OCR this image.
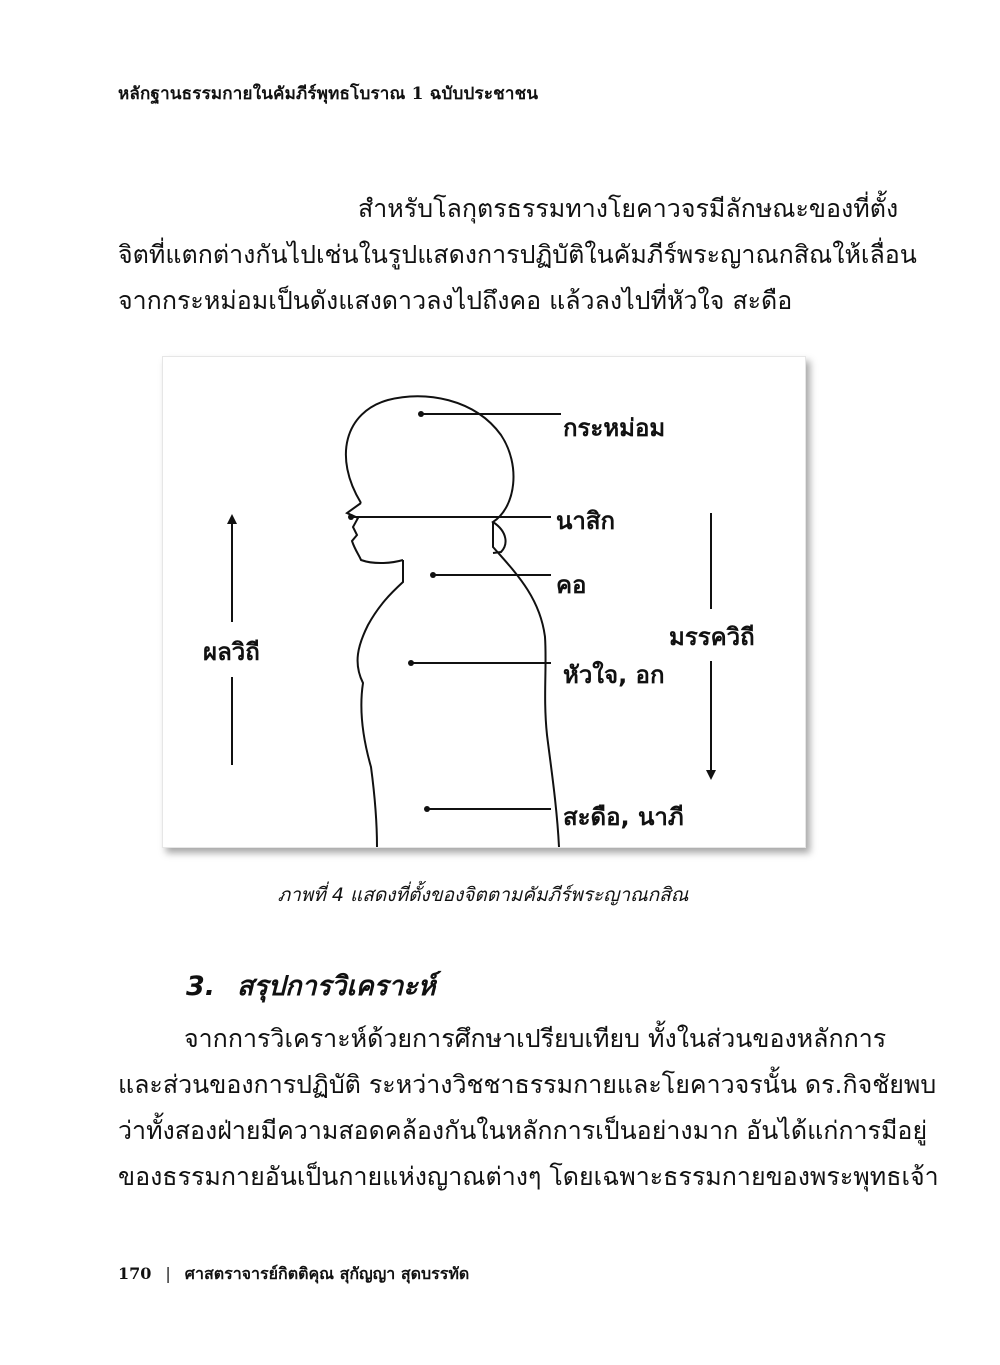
หลักฐานธรรมกายในคัมภีร์พุทธโบราณ 1 ฉบับประชาชน
สำหรับโลกุตรธรรมทางโยคาวจรมีลักษณะของที่ตั้ง
จิตที่แตกต่างกันไปเช่นในรูปแสดงการปฏิบัติในคัมภีร์พระญาณกสิณให้เลื่อน
จากกระหม่อมเป็นดังแสงดาวลงไปถึงคอ แล้วลงไปที่หัวใจ สะดือ
กระหม่อม
นาสิก
คอ
หัวใจ, อก
สะดือ, นาภี
ผลวิถี
มรรควิถี
ภาพที่ 4 แสดงที่ตั้งของจิตตามคัมภีร์พระญาณกสิณ
3. สรุปการวิเคราะห์
จากการวิเคราะห์ด้วยการศึกษาเปรียบเทียบ ทั้งในส่วนของหลักการ
และส่วนของการปฏิบัติ ระหว่างวิชชาธรรมกายและโยคาวจรนั้น ดร.กิจชัยพบ
ว่าทั้งสองฝ่ายมีความสอดคล้องกันในหลักการเป็นอย่างมาก อันได้แก่การมีอยู่
ของธรรมกายอันเป็นกายแห่งญาณต่างๆ โดยเฉพาะธรรมกายของพระพุทธเจ้า
170 | ศาสตราจารย์กิตติคุณ สุกัญญา สุดบรรทัด
